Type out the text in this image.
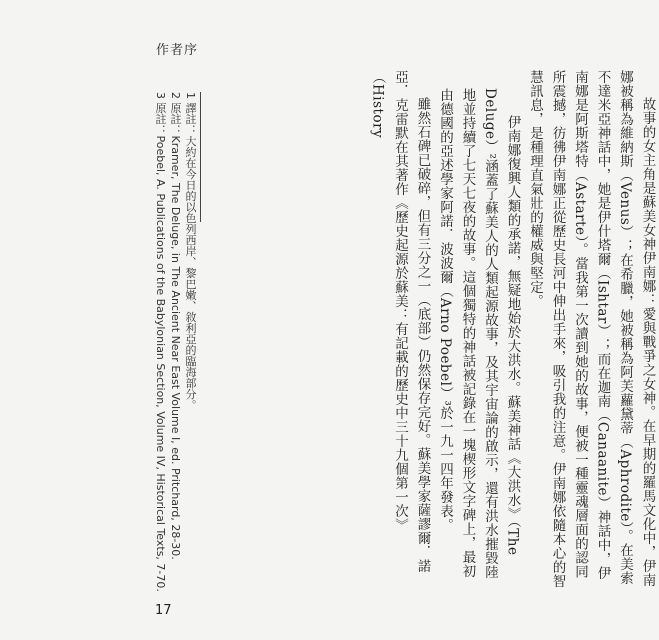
作者序

故事的女主角是蘇美女神伊南娜：愛與戰爭之女神。在早期的羅馬文化中，伊南娜被稱為維納斯（Venus）；在希臘，她被稱為阿芙蘿黛蒂（Aphrodite）。在美索不達米亞神話中，她是伊什塔爾（Ishtar）；而在迦南（Canaanite）神話中，伊南娜是阿斯塔特（Astarte）。當我第一次讀到她的故事，便被一種靈魂層面的認同所震撼，彷彿伊南娜正從歷史長河中伸出手來，吸引我的注意。伊南娜依隨本心的智慧訊息，是種理直氣壯的權威與堅定。

伊南娜復興人類的承諾，無疑地始於大洪水。蘇美神話《大洪水》（The Deluge）²涵蓋了蘇美人的人類起源故事，及其宇宙論的啟示，還有洪水摧毀陸地並持續了七天七夜的故事。這個獨特的神話被記錄在一塊楔形文字碑上，最初由德國的亞述學家阿諾．波波爾（Arno Poebel）³於一九一四年發表。

雖然石碑已破碎，但有三分之一（底部）仍然保存完好。蘇美學家薩謬爾．諾亞．克雷默在其著作《歷史起源於蘇美：有記載的歷史中三十九個第一次》（History

1 譯註：大約在今日的以色列西岸、黎巴嫩、敘利亞的臨海部分。

2 原註：Kramer, The Deluge, in The Ancient Near East Volume I, ed. Pritchard, 28-30.

3 原註：Poebel, A. Publications of the Babylonian Section, Volume IV, Historical Texts, 7-70.

17
